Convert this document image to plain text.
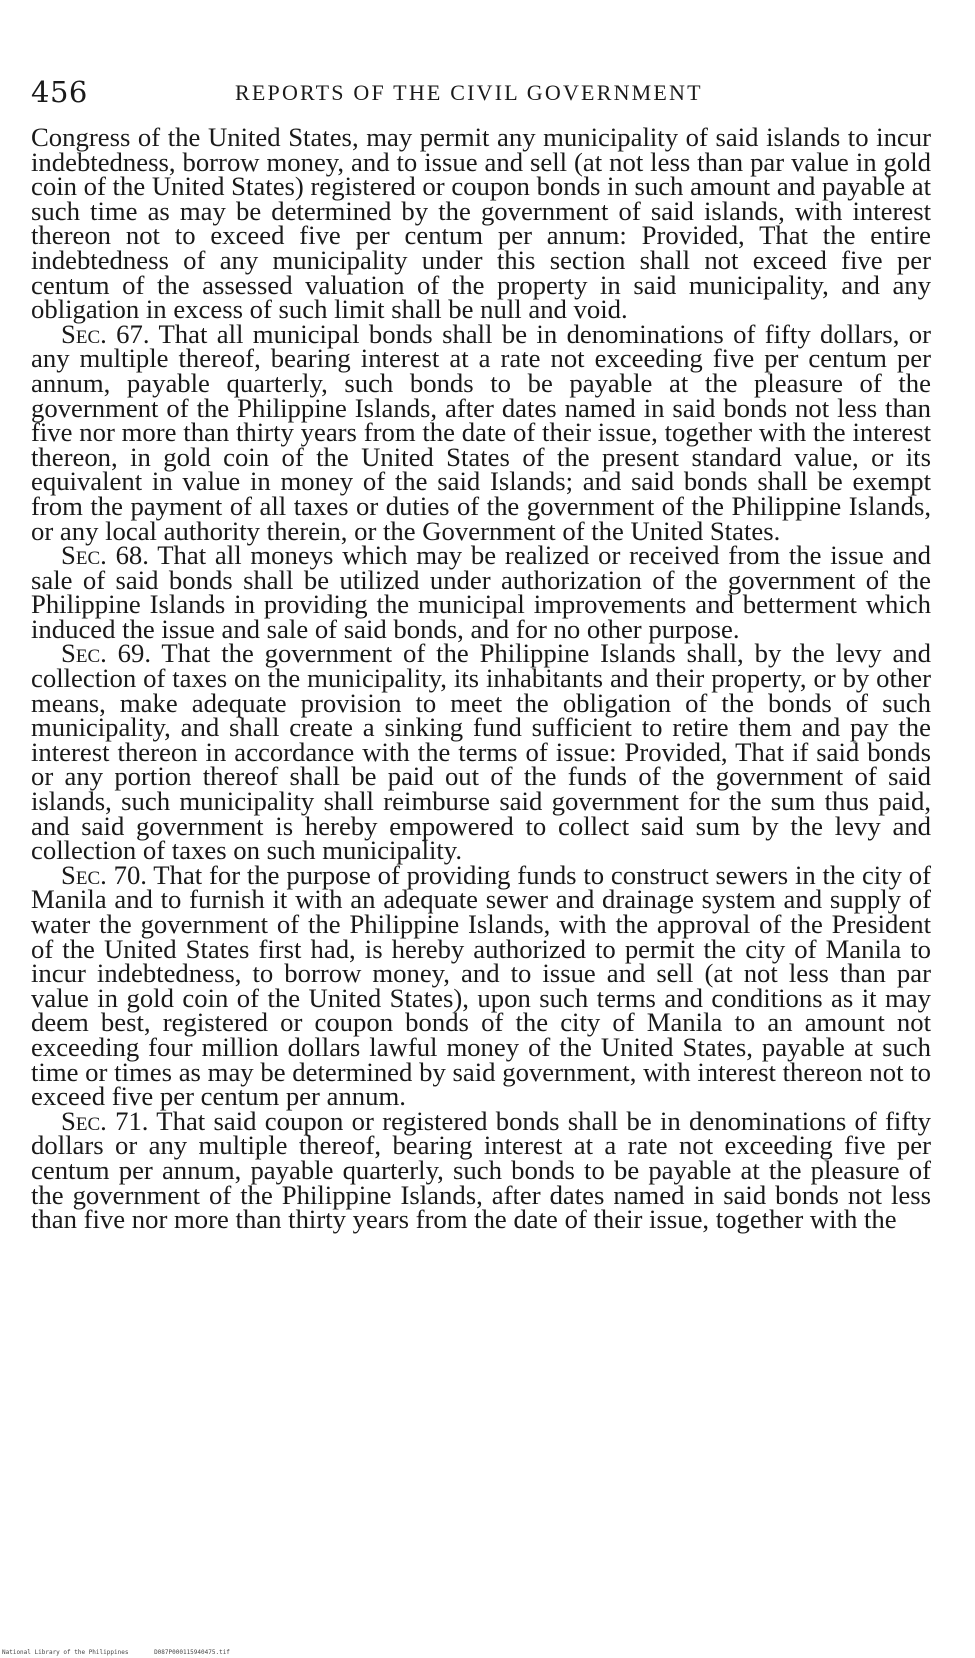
456	REPORTS OF THE CIVIL GOVERNMENT

Congress of the United States, may permit any municipality of said islands to incur indebtedness, borrow money, and to issue and sell (at not less than par value in gold coin of the United States) registered or coupon bonds in such amount and payable at such time as may be determined by the government of said islands, with interest thereon not to exceed five per centum per annum: Provided, That the entire indebtedness of any municipality under this section shall not exceed five per centum of the assessed valuation of the property in said municipality, and any obligation in excess of such limit shall be null and void.

Sec. 67. That all municipal bonds shall be in denominations of fifty dollars, or any multiple thereof, bearing interest at a rate not exceeding five per centum per annum, payable quarterly, such bonds to be payable at the pleasure of the government of the Philippine Islands, after dates named in said bonds not less than five nor more than thirty years from the date of their issue, together with the interest thereon, in gold coin of the United States of the present standard value, or its equivalent in value in money of the said Islands; and said bonds shall be exempt from the payment of all taxes or duties of the government of the Philippine Islands, or any local authority therein, or the Government of the United States.

Sec. 68. That all moneys which may be realized or received from the issue and sale of said bonds shall be utilized under authorization of the government of the Philippine Islands in providing the municipal improvements and betterment which induced the issue and sale of said bonds, and for no other purpose.

Sec. 69. That the government of the Philippine Islands shall, by the levy and collection of taxes on the municipality, its inhabitants and their property, or by other means, make adequate provision to meet the obligation of the bonds of such municipality, and shall create a sinking fund sufficient to retire them and pay the interest thereon in accordance with the terms of issue: Provided, That if said bonds or any portion thereof shall be paid out of the funds of the government of said islands, such municipality shall reimburse said government for the sum thus paid, and said government is hereby empowered to collect said sum by the levy and collection of taxes on such municipality.

Sec. 70. That for the purpose of providing funds to construct sewers in the city of Manila and to furnish it with an adequate sewer and drainage system and supply of water the government of the Philippine Islands, with the approval of the President of the United States first had, is hereby authorized to permit the city of Manila to incur indebtedness, to borrow money, and to issue and sell (at not less than par value in gold coin of the United States), upon such terms and conditions as it may deem best, registered or coupon bonds of the city of Manila to an amount not exceeding four million dollars lawful money of the United States, payable at such time or times as may be determined by said government, with interest thereon not to exceed five per centum per annum.

Sec. 71. That said coupon or registered bonds shall be in denominations of fifty dollars or any multiple thereof, bearing interest at a rate not exceeding five per centum per annum, payable quarterly, such bonds to be payable at the pleasure of the government of the Philippine Islands, after dates named in said bonds not less than five nor more than thirty years from the date of their issue, together with the

National Library of the Philippines	D087P000115940475.tif
